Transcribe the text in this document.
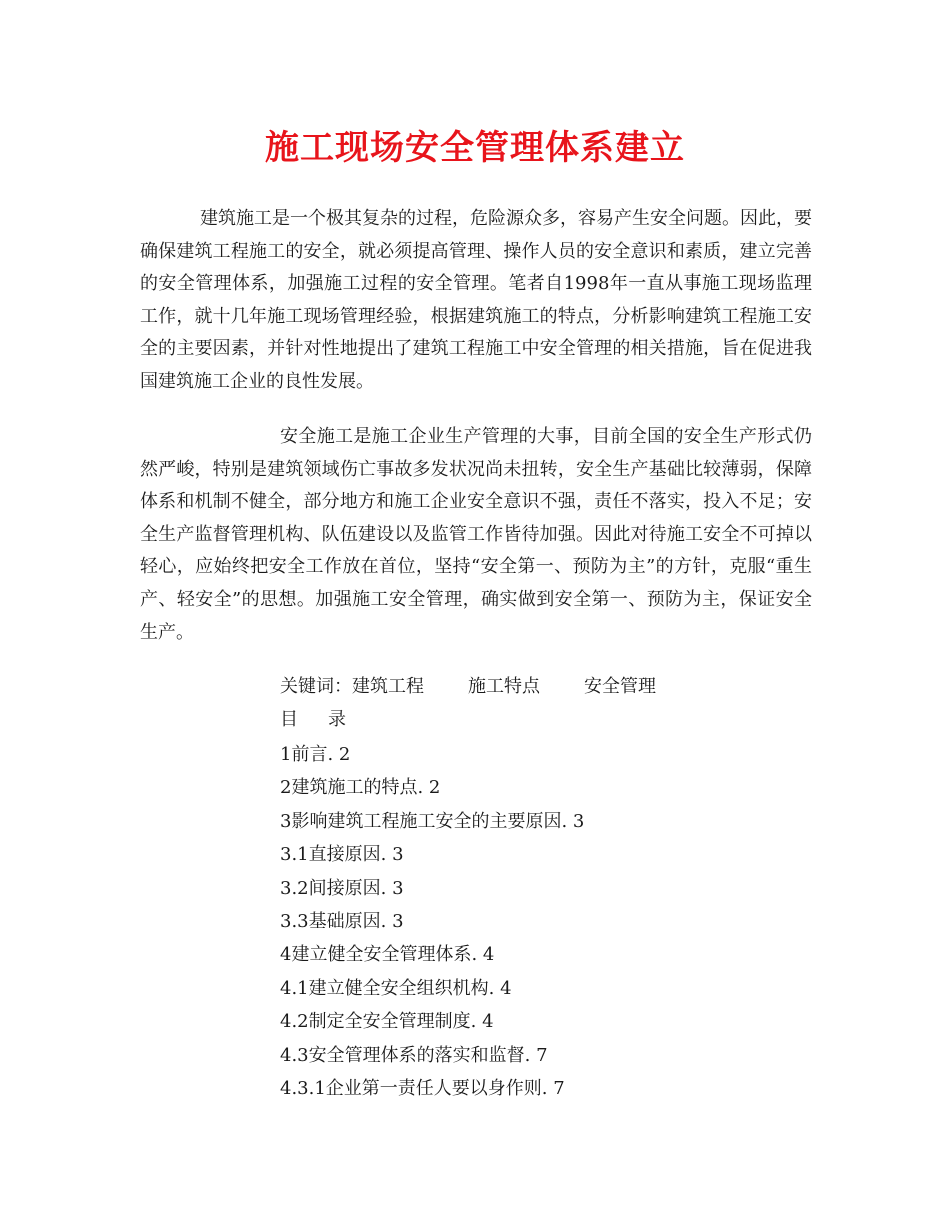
施工现场安全管理体系建立

建筑施工是一个极其复杂的过程，危险源众多，容易产生安全问题。因此，要确保建筑工程施工的安全，就必须提高管理、操作人员的安全意识和素质，建立完善的安全管理体系，加强施工过程的安全管理。笔者自1998年一直从事施工现场监理工作，就十几年施工现场管理经验，根据建筑施工的特点，分析影响建筑工程施工安全的主要因素，并针对性地提出了建筑工程施工中安全管理的相关措施，旨在促进我国建筑施工企业的良性发展。

安全施工是施工企业生产管理的大事，目前全国的安全生产形式仍然严峻，特别是建筑领域伤亡事故多发状况尚未扭转，安全生产基础比较薄弱，保障体系和机制不健全，部分地方和施工企业安全意识不强，责任不落实，投入不足；安全生产监督管理机构、队伍建设以及监管工作皆待加强。因此对待施工安全不可掉以轻心，应始终把安全工作放在首位，坚持“安全第一、预防为主”的方针，克服“重生产、轻安全”的思想。加强施工安全管理，确实做到安全第一、预防为主，保证安全生产。

关键词：建筑工程 施工特点 安全管理
目 录
1前言. 2
2建筑施工的特点. 2
3影响建筑工程施工安全的主要原因. 3
3.1直接原因. 3
3.2间接原因. 3
3.3基础原因. 3
4建立健全安全管理体系. 4
4.1建立健全安全组织机构. 4
4.2制定全安全管理制度. 4
4.3安全管理体系的落实和监督. 7
4.3.1企业第一责任人要以身作则. 7
